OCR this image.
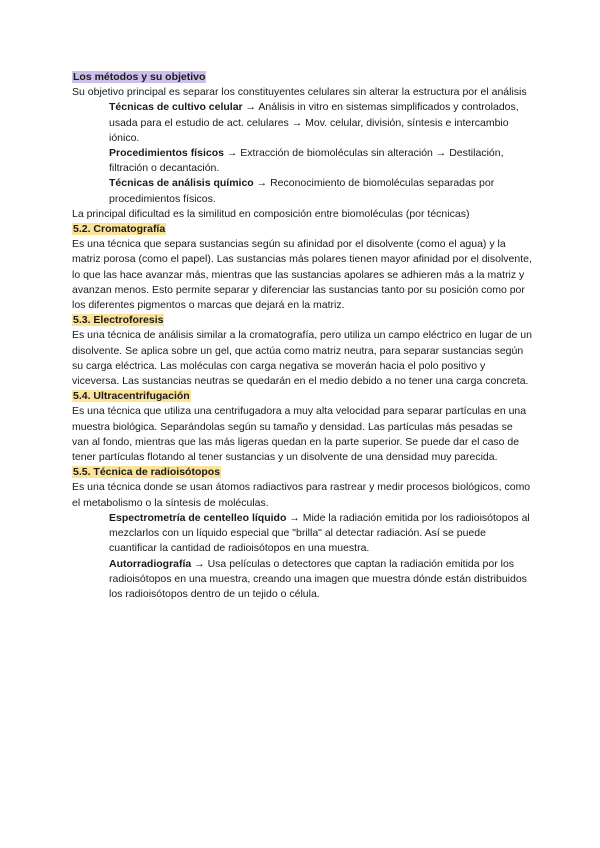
Los métodos y su objetivo

Su objetivo principal es separar los constituyentes celulares sin alterar la estructura por el análisis

Técnicas de cultivo celular → Análisis in vitro en sistemas simplificados y controlados, usada para el estudio de act. celulares → Mov. celular, división, síntesis e intercambio iónico.

Procedimientos físicos → Extracción de biomoléculas sin alteración → Destilación, filtración o decantación.

Técnicas de análisis químico → Reconocimiento de biomoléculas separadas por procedimientos físicos.

La principal dificultad es la similitud en composición entre biomoléculas (por técnicas)

5.2. Cromatografía

Es una técnica que separa sustancias según su afinidad por el disolvente (como el agua) y la matriz porosa (como el papel). Las sustancias más polares tienen mayor afinidad por el disolvente, lo que las hace avanzar más, mientras que las sustancias apolares se adhieren más a la matriz y avanzan menos. Esto permite separar y diferenciar las sustancias tanto por su posición como por los diferentes pigmentos o marcas que dejará en la matriz.

5.3. Electroforesis

Es una técnica de análisis similar a la cromatografía, pero utiliza un campo eléctrico en lugar de un disolvente. Se aplica sobre un gel, que actúa como matriz neutra, para separar sustancias según su carga eléctrica. Las moléculas con carga negativa se moverán hacia el polo positivo y viceversa. Las sustancias neutras se quedarán en el medio debido a no tener una carga concreta.

5.4. Ultracentrifugación

Es una técnica que utiliza una centrifugadora a muy alta velocidad para separar partículas en una muestra biológica. Separándolas según su tamaño y densidad. Las partículas más pesadas se van al fondo, mientras que las más ligeras quedan en la parte superior. Se puede dar el caso de tener partículas flotando al tener sustancias y un disolvente de una densidad muy parecida.

5.5. Técnica de radioisótopos

Es una técnica donde se usan átomos radiactivos para rastrear y medir procesos biológicos, como el metabolismo o la síntesis de moléculas.

Espectrometría de centelleo líquido → Mide la radiación emitida por los radioisótopos al mezclarlos con un líquido especial que "brilla" al detectar radiación. Así se puede cuantificar la cantidad de radioisótopos en una muestra.

Autorradiografía → Usa películas o detectores que captan la radiación emitida por los radioisótopos en una muestra, creando una imagen que muestra dónde están distribuidos los radioisótopos dentro de un tejido o célula.
